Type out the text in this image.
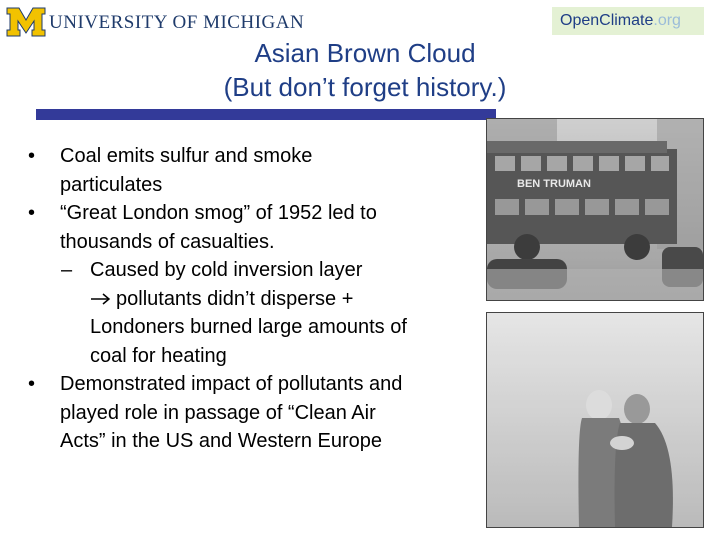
UNIVERSITY OF MICHIGAN	OpenClimate.org
Asian Brown Cloud
(But don’t forget history.)
• Coal emits sulfur and smoke
particulates
• “Great London smog” of 1952 led to
thousands of casualties.
– Caused by cold inversion layer
pollutants didn’t disperse +
Londoners burned large amounts of
coal for heating
• Demonstrated impact of pollutants and
played role in passage of “Clean Air
Acts” in the US and Western Europe
BEN TRUMAN
